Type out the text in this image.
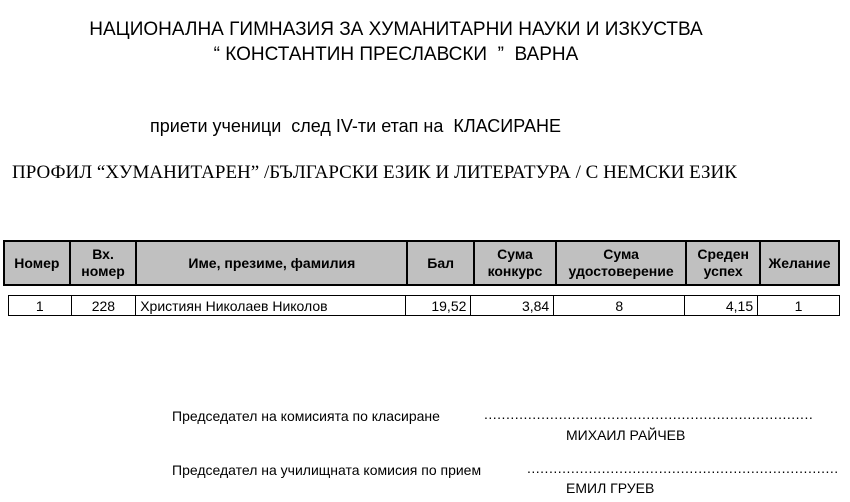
НАЦИОНАЛНА ГИМНАЗИЯ ЗА ХУМАНИТАРНИ НАУКИ И ИЗКУСТВА
“ КОНСТАНТИН ПРЕСЛАВСКИ  ”  ВАРНА
приети ученици  след IV-ти етап на  КЛАСИРАНЕ
ПРОФИЛ “ХУМАНИТАРЕН” /БЪЛГАРСКИ ЕЗИК И ЛИТЕРАТУРА / С НЕМСКИ ЕЗИК
Номер	Вх. номер	Име, презиме, фамилия	Бал	Сума конкурс	Сума удостоверение	Среден успех	Желание
1	228	Християн Николаев Николов	19,52	3,84	8	4,15	1
Председател на комисията по класиране	...........................................................................
МИХАИЛ РАЙЧЕВ
Председател на училищната комисия по прием	.......................................................................
ЕМИЛ ГРУЕВ
